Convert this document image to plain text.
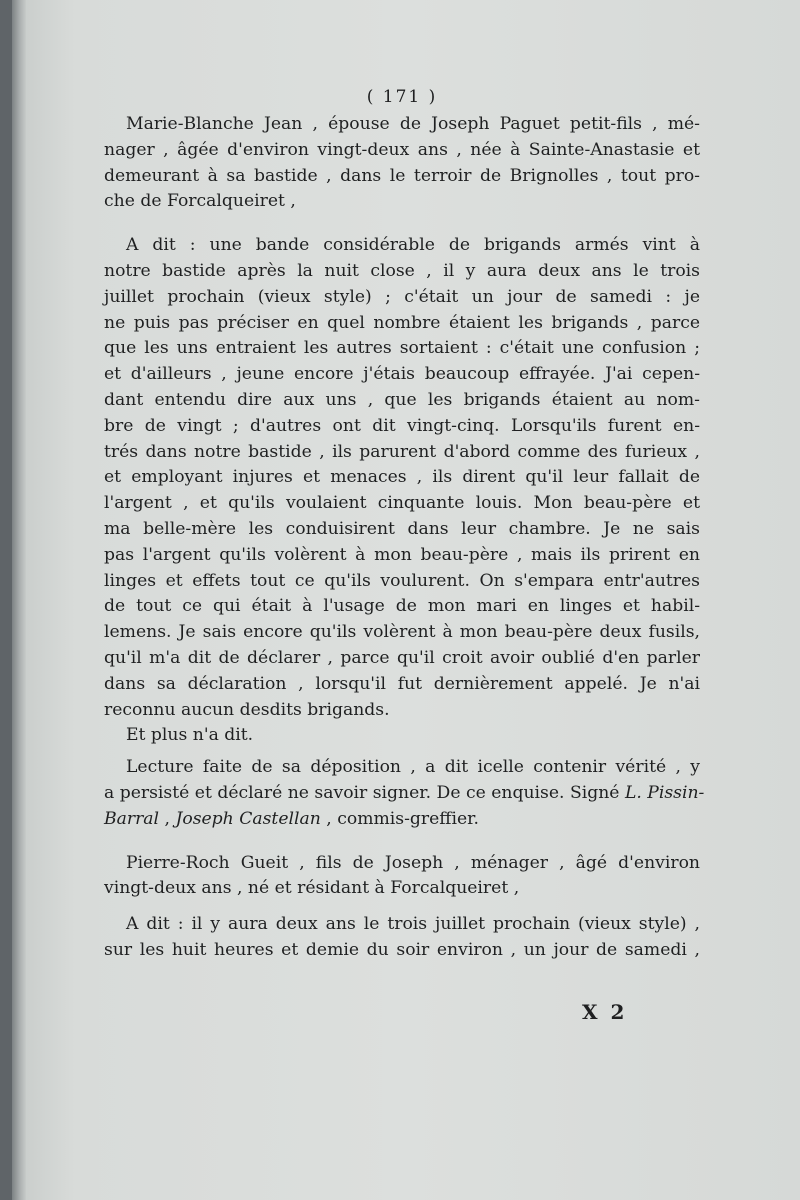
( 171 )
Marie-Blanche Jean , épouse de Joseph Paguet petit-fils , mé-
nager , âgée d'environ vingt-deux ans , née à Sainte-Anastasie et
demeurant à sa bastide , dans le terroir de Brignolles , tout pro-
che de Forcalqueiret ,
A dit : une bande considérable de brigands armés vint à
notre bastide après la nuit close , il y aura deux ans le trois
juillet prochain (vieux style) ; c'était un jour de samedi : je
ne puis pas préciser en quel nombre étaient les brigands , parce
que les uns entraient les autres sortaient : c'était une confusion ;
et d'ailleurs , jeune encore j'étais beaucoup effrayée. J'ai cepen-
dant entendu dire aux uns , que les brigands étaient au nom-
bre de vingt ; d'autres ont dit vingt-cinq. Lorsqu'ils furent en-
trés dans notre bastide , ils parurent d'abord comme des furieux ,
et employant injures et menaces , ils dirent qu'il leur fallait de
l'argent , et qu'ils voulaient cinquante louis. Mon beau-père et
ma belle-mère les conduisirent dans leur chambre. Je ne sais
pas l'argent qu'ils volèrent à mon beau-père , mais ils prirent en
linges et effets tout ce qu'ils voulurent. On s'empara entr'autres
de tout ce qui était à l'usage de mon mari en linges et habil-
lemens. Je sais encore qu'ils volèrent à mon beau-père deux fusils,
qu'il m'a dit de déclarer , parce qu'il croit avoir oublié d'en parler
dans sa déclaration , lorsqu'il fut dernièrement appelé. Je n'ai
reconnu aucun desdits brigands.
Et plus n'a dit.
Lecture faite de sa déposition , a dit icelle contenir vérité , y
a persisté et déclaré ne savoir signer. De ce enquise. Signé L. Pissin-
Barral , Joseph Castellan , commis-greffier.
Pierre-Roch Gueit , fils de Joseph , ménager , âgé d'environ
vingt-deux ans , né et résidant à Forcalqueiret ,
A dit : il y aura deux ans le trois juillet prochain (vieux style) ,
sur les huit heures et demie du soir environ , un jour de samedi ,
X 2
